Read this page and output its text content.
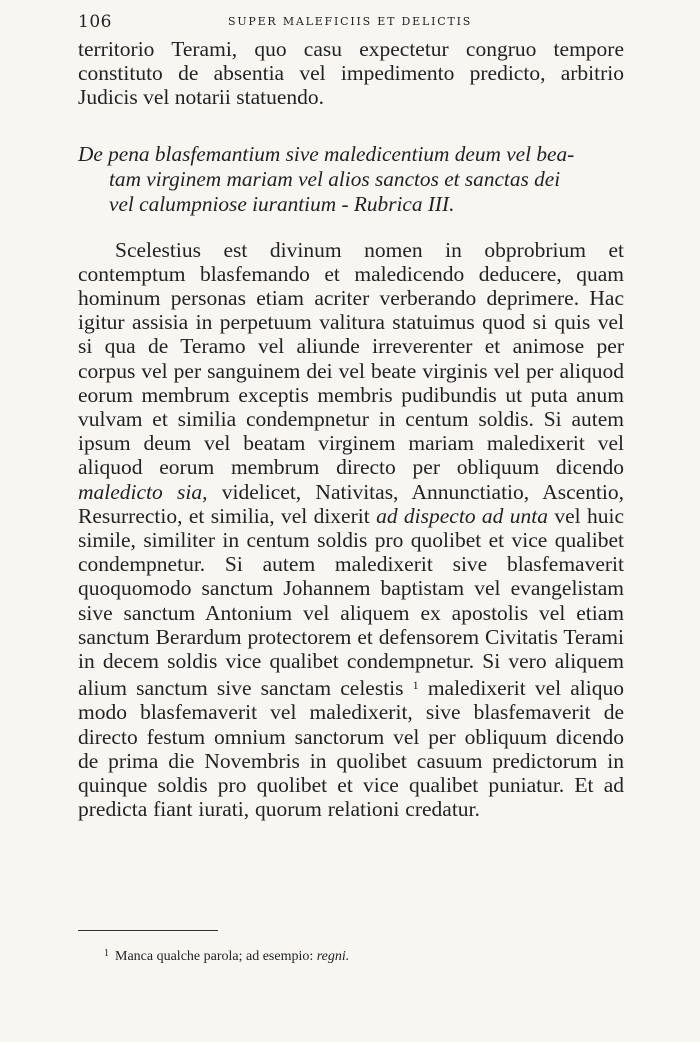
106	SUPER MALEFICIIS ET DELICTIS

territorio Terami, quo casu expectetur congruo tempore constituto de absentia vel impedimento predicto, arbitrio Judicis vel notarii statuendo.

De pena blasfemantium sive maledicentium deum vel bea-
tam virginem mariam vel alios sanctos et sanctas dei
vel calumpniose iurantium - Rubrica III.

Scelestius est divinum nomen in obprobrium et contemptum blasfemando et maledicendo deducere, quam hominum personas etiam acriter verberando deprimere. Hac igitur assisia in perpetuum valitura statuimus quod si quis vel si qua de Teramo vel aliunde irreverenter et animose per corpus vel per sanguinem dei vel beate virginis vel per aliquod eorum membrum exceptis membris pudibundis ut puta anum vulvam et similia condempnetur in centum soldis. Si autem ipsum deum vel beatam virginem mariam maledixerit vel aliquod eorum membrum directo per obliquum dicendo maledicto sia, videlicet, Nativitas, Annunctiatio, Ascentio, Resurrectio, et similia, vel dixerit ad dispecto ad unta vel huic simile, similiter in centum soldis pro quolibet et vice qualibet condempnetur. Si autem maledixerit sive blasfemaverit quoquomodo sanctum Johannem baptistam vel evangelistam sive sanctum Antonium vel aliquem ex apostolis vel etiam sanctum Berardum protectorem et defensorem Civitatis Terami in decem soldis vice qualibet condempnetur. Si vero aliquem alium sanctum sive sanctam celestis $^1$ maledixerit vel aliquo modo blasfemaverit vel maledixerit, sive blasfemaverit de directo festum omnium sanctorum vel per obliquum dicendo de prima die Novembris in quolibet casuum predictorum in quinque soldis pro quolibet et vice qualibet puniatur. Et ad predicta fiant iurati, quorum relationi credatur.

$^1$ Manca qualche parola; ad esempio: regni.
